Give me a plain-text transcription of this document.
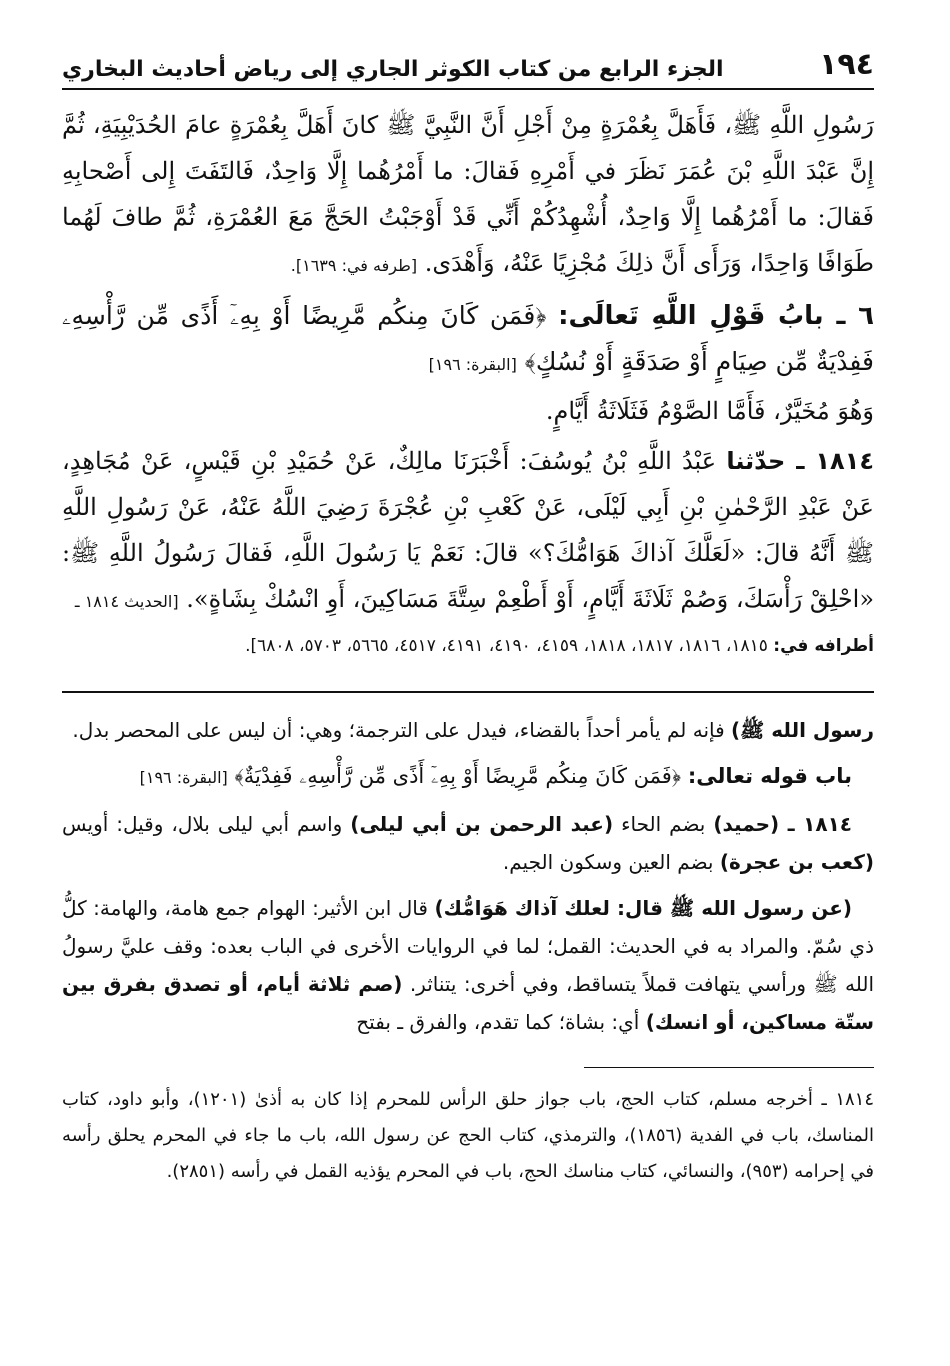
١٩٤
الجزء الرابع من كتاب الكوثر الجاري إلى رياض أحاديث البخاري

رَسُولِ اللَّهِ ﷺ، فَأَهَلَّ بِعُمْرَةٍ مِنْ أَجْلِ أَنَّ النَّبِيَّ ﷺ كانَ أَهَلَّ بِعُمْرَةٍ عامَ الحُدَيْبِيَةِ، ثُمَّ إِنَّ عَبْدَ اللَّهِ بْنَ عُمَرَ نَظَرَ في أَمْرِهِ فَقالَ: ما أَمْرُهُما إِلَّا وَاحِدٌ، فَالتَفَتَ إِلى أَصْحابِهِ فَقالَ: ما أَمْرُهُما إِلَّا وَاحِدٌ، أُشْهِدُكُمْ أَنِّي قَدْ أَوْجَبْتُ الحَجَّ مَعَ العُمْرَةِ، ثُمَّ طافَ لَهُما طَوَافًا وَاحِدًا، وَرَأَى أَنَّ ذلِكَ مُجْزِيًا عَنْهُ، وَأَهْدَى. [طرفه في: ١٦٣٩].

٦ ـ بابُ قَوْلِ اللَّهِ تَعالَى: ﴿فَمَن كَانَ مِنكُم مَّرِيضًا أَوْ بِهِۦٓ أَذًى مِّن رَّأْسِهِۦ فَفِدْيَةٌ مِّن صِيَامٍ أَوْ صَدَقَةٍ أَوْ نُسُكٍ﴾ [البقرة: ١٩٦]

وَهُوَ مُخَيَّرٌ، فَأَمَّا الصَّوْمُ فَثَلَاثَةُ أَيَّامٍ.

١٨١٤ ـ حدّثنا عَبْدُ اللَّهِ بْنُ يُوسُفَ: أَخْبَرَنَا مالِكٌ، عَنْ حُمَيْدِ بْنِ قَيْسٍ، عَنْ مُجَاهِدٍ، عَنْ عَبْدِ الرَّحْمٰنِ بْنِ أَبِي لَيْلَى، عَنْ كَعْبِ بْنِ عُجْرَةَ رَضِيَ اللَّهُ عَنْهُ، عَنْ رَسُولِ اللَّهِ ﷺ أَنَّهُ قالَ: «لَعَلَّكَ آذاكَ هَوَامُّكَ؟» قالَ: نَعَمْ يَا رَسُولَ اللَّهِ، فَقالَ رَسُولُ اللَّهِ ﷺ: «احْلِقْ رَأْسَكَ، وَصُمْ ثَلَاثَةَ أَيَّامٍ، أَوْ أَطْعِمْ سِتَّةَ مَسَاكِينَ، أَوِ انْسُكْ بِشَاةٍ». [الحديث ١٨١٤ ـ

أطرافه في: ١٨١٥، ١٨١٦، ١٨١٧، ١٨١٨، ٤١٥٩، ٤١٩٠، ٤١٩١، ٤٥١٧، ٥٦٦٥، ٥٧٠٣، ٦٨٠٨].

رسول الله ﷺ) فإنه لم يأمر أحداً بالقضاء، فيدل على الترجمة؛ وهي: أن ليس على المحصر بدل.

باب قوله تعالى: ﴿فَمَن كَانَ مِنكُم مَّرِيضًا أَوْ بِهِۦٓ أَذًى مِّن رَّأْسِهِۦ فَفِدْيَةٌ﴾ [البقرة: ١٩٦]

١٨١٤ ـ (حميد) بضم الحاء (عبد الرحمن بن أبي ليلى) واسم أبي ليلى بلال، وقيل: أويس (كعب بن عجرة) بضم العين وسكون الجيم.

(عن رسول الله ﷺ قال: لعلك آذاك هَوَامُّك) قال ابن الأثير: الهوام جمع هامة، والهامة: كلُّ ذي سُمّ. والمراد به في الحديث: القمل؛ لما في الروايات الأخرى في الباب بعده: وقف عليَّ رسولُ الله ﷺ ورأسي يتهافت قملاً يتساقط، وفي أخرى: يتناثر. (صم ثلاثة أيام، أو تصدق بفرق بين ستّة مساكين، أو انسك) أي: بشاة؛ كما تقدم، والفرق ـ بفتح

١٨١٤ ـ أخرجه مسلم، كتاب الحج، باب جواز حلق الرأس للمحرم إذا كان به أذىٰ (١٢٠١)، وأبو داود، كتاب المناسك، باب في الفدية (١٨٥٦)، والترمذي، كتاب الحج عن رسول الله، باب ما جاء في المحرم يحلق رأسه في إحرامه (٩٥٣)، والنسائي، كتاب مناسك الحج، باب في المحرم يؤذيه القمل في رأسه (٢٨٥١).
